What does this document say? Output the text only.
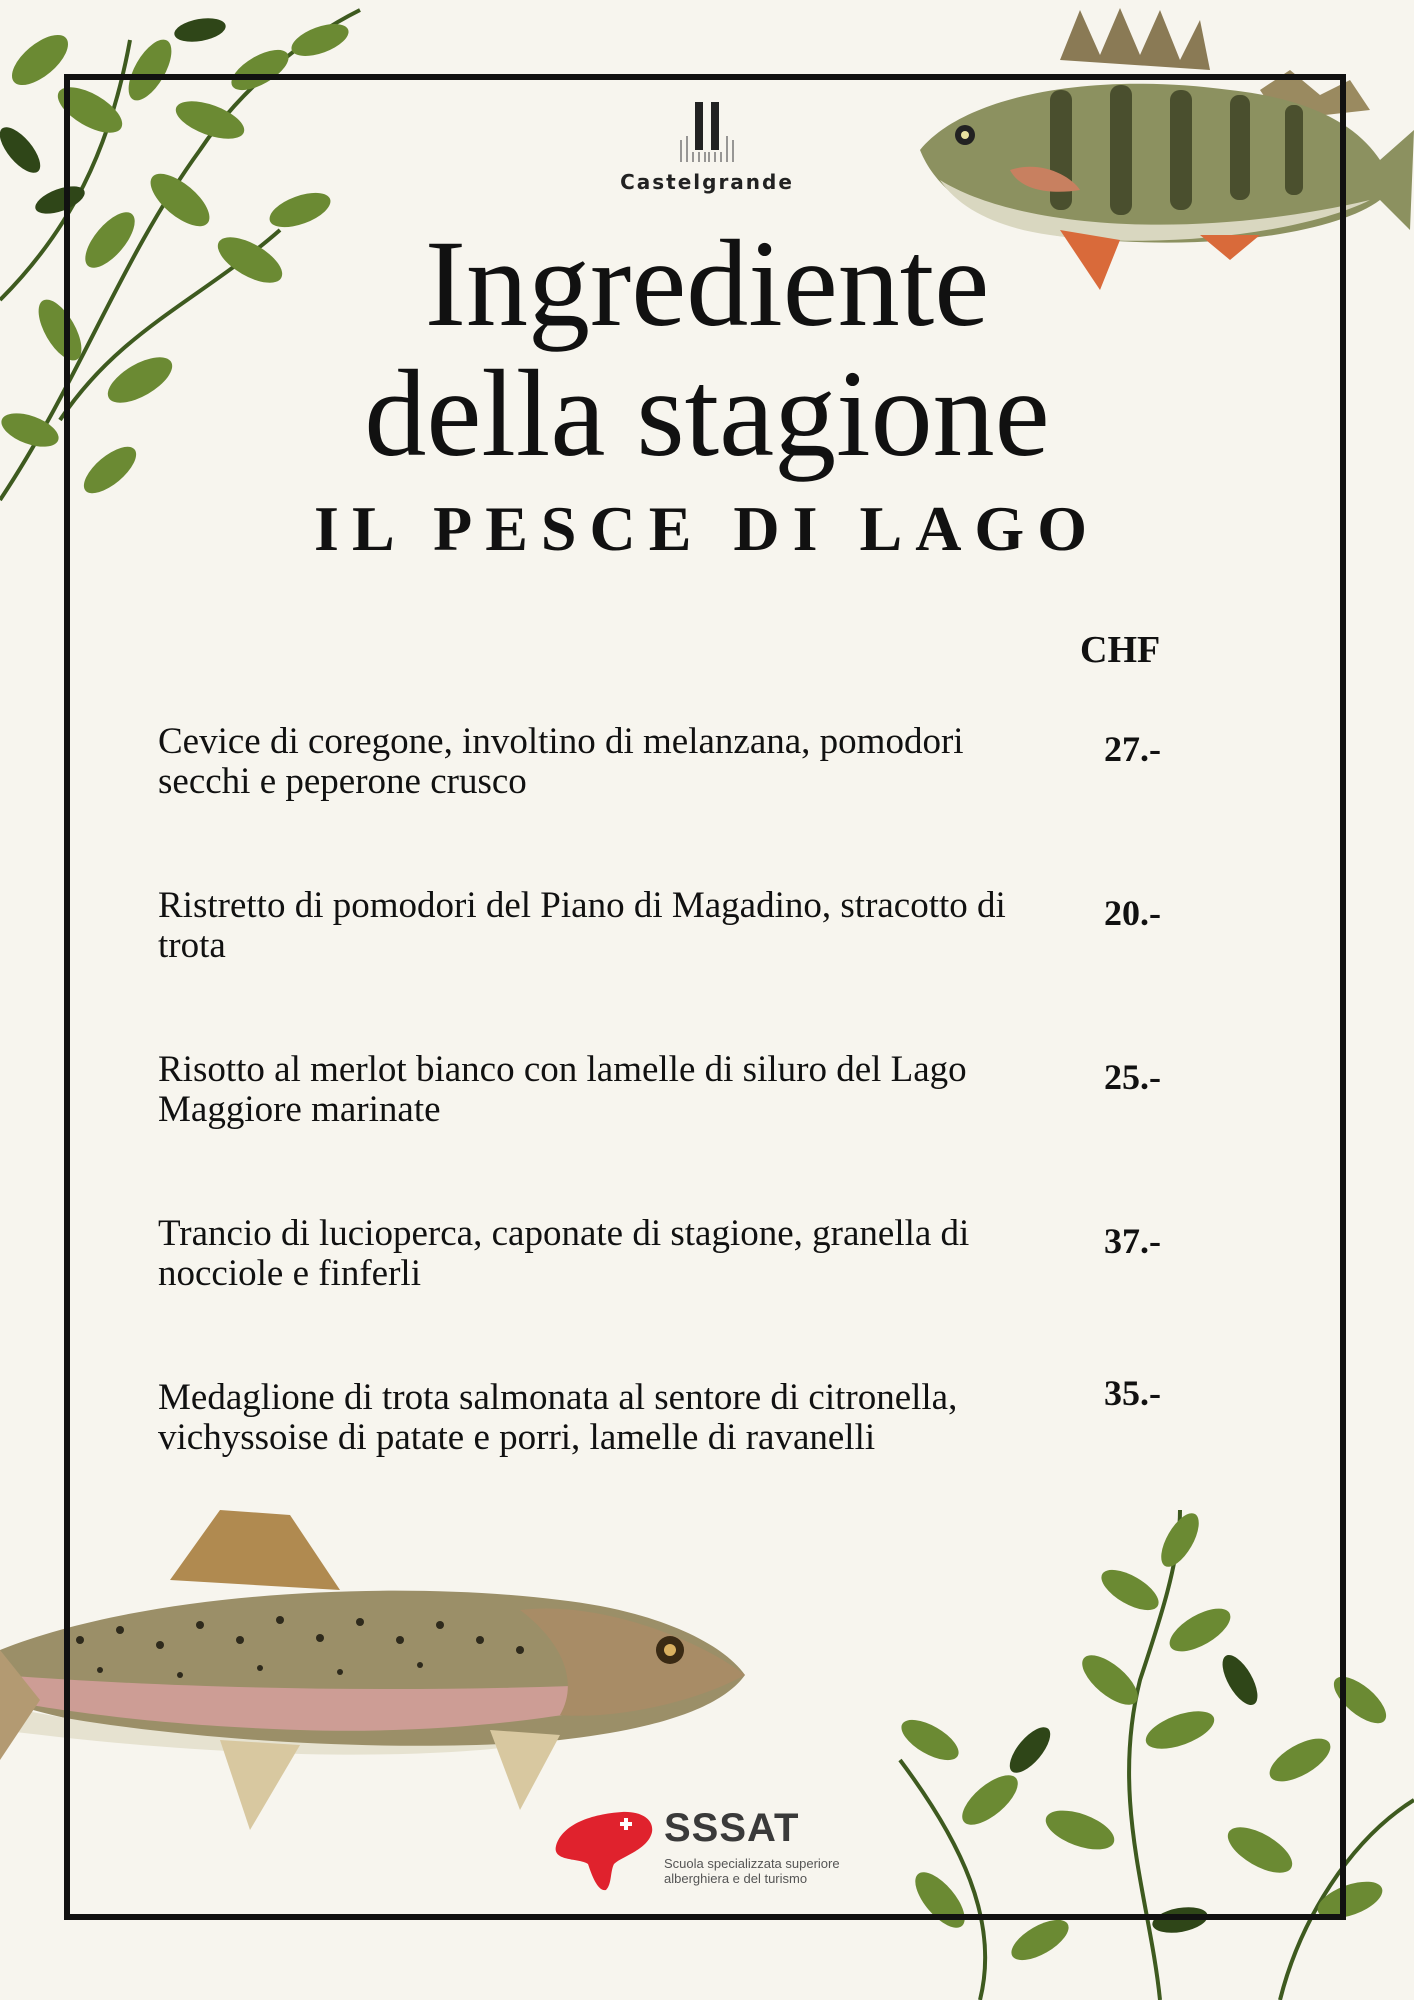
Castelgrande
Ingrediente
della stagione
IL PESCE DI LAGO
CHF
Cevice di coregone, involtino di melanzana, pomodori secchi e peperone crusco
27.-
Ristretto di pomodori del Piano di Magadino, stracotto di trota
20.-
Risotto al merlot bianco con lamelle di siluro del Lago Maggiore marinate
25.-
Trancio di lucioperca, caponate di stagione, granella di nocciole e finferli
37.-
Medaglione di trota salmonata al sentore di citronella, vichyssoise di patate e porri, lamelle di ravanelli
35.-
SSSAT
Scuola specializzata superiore alberghiera e del turismo
